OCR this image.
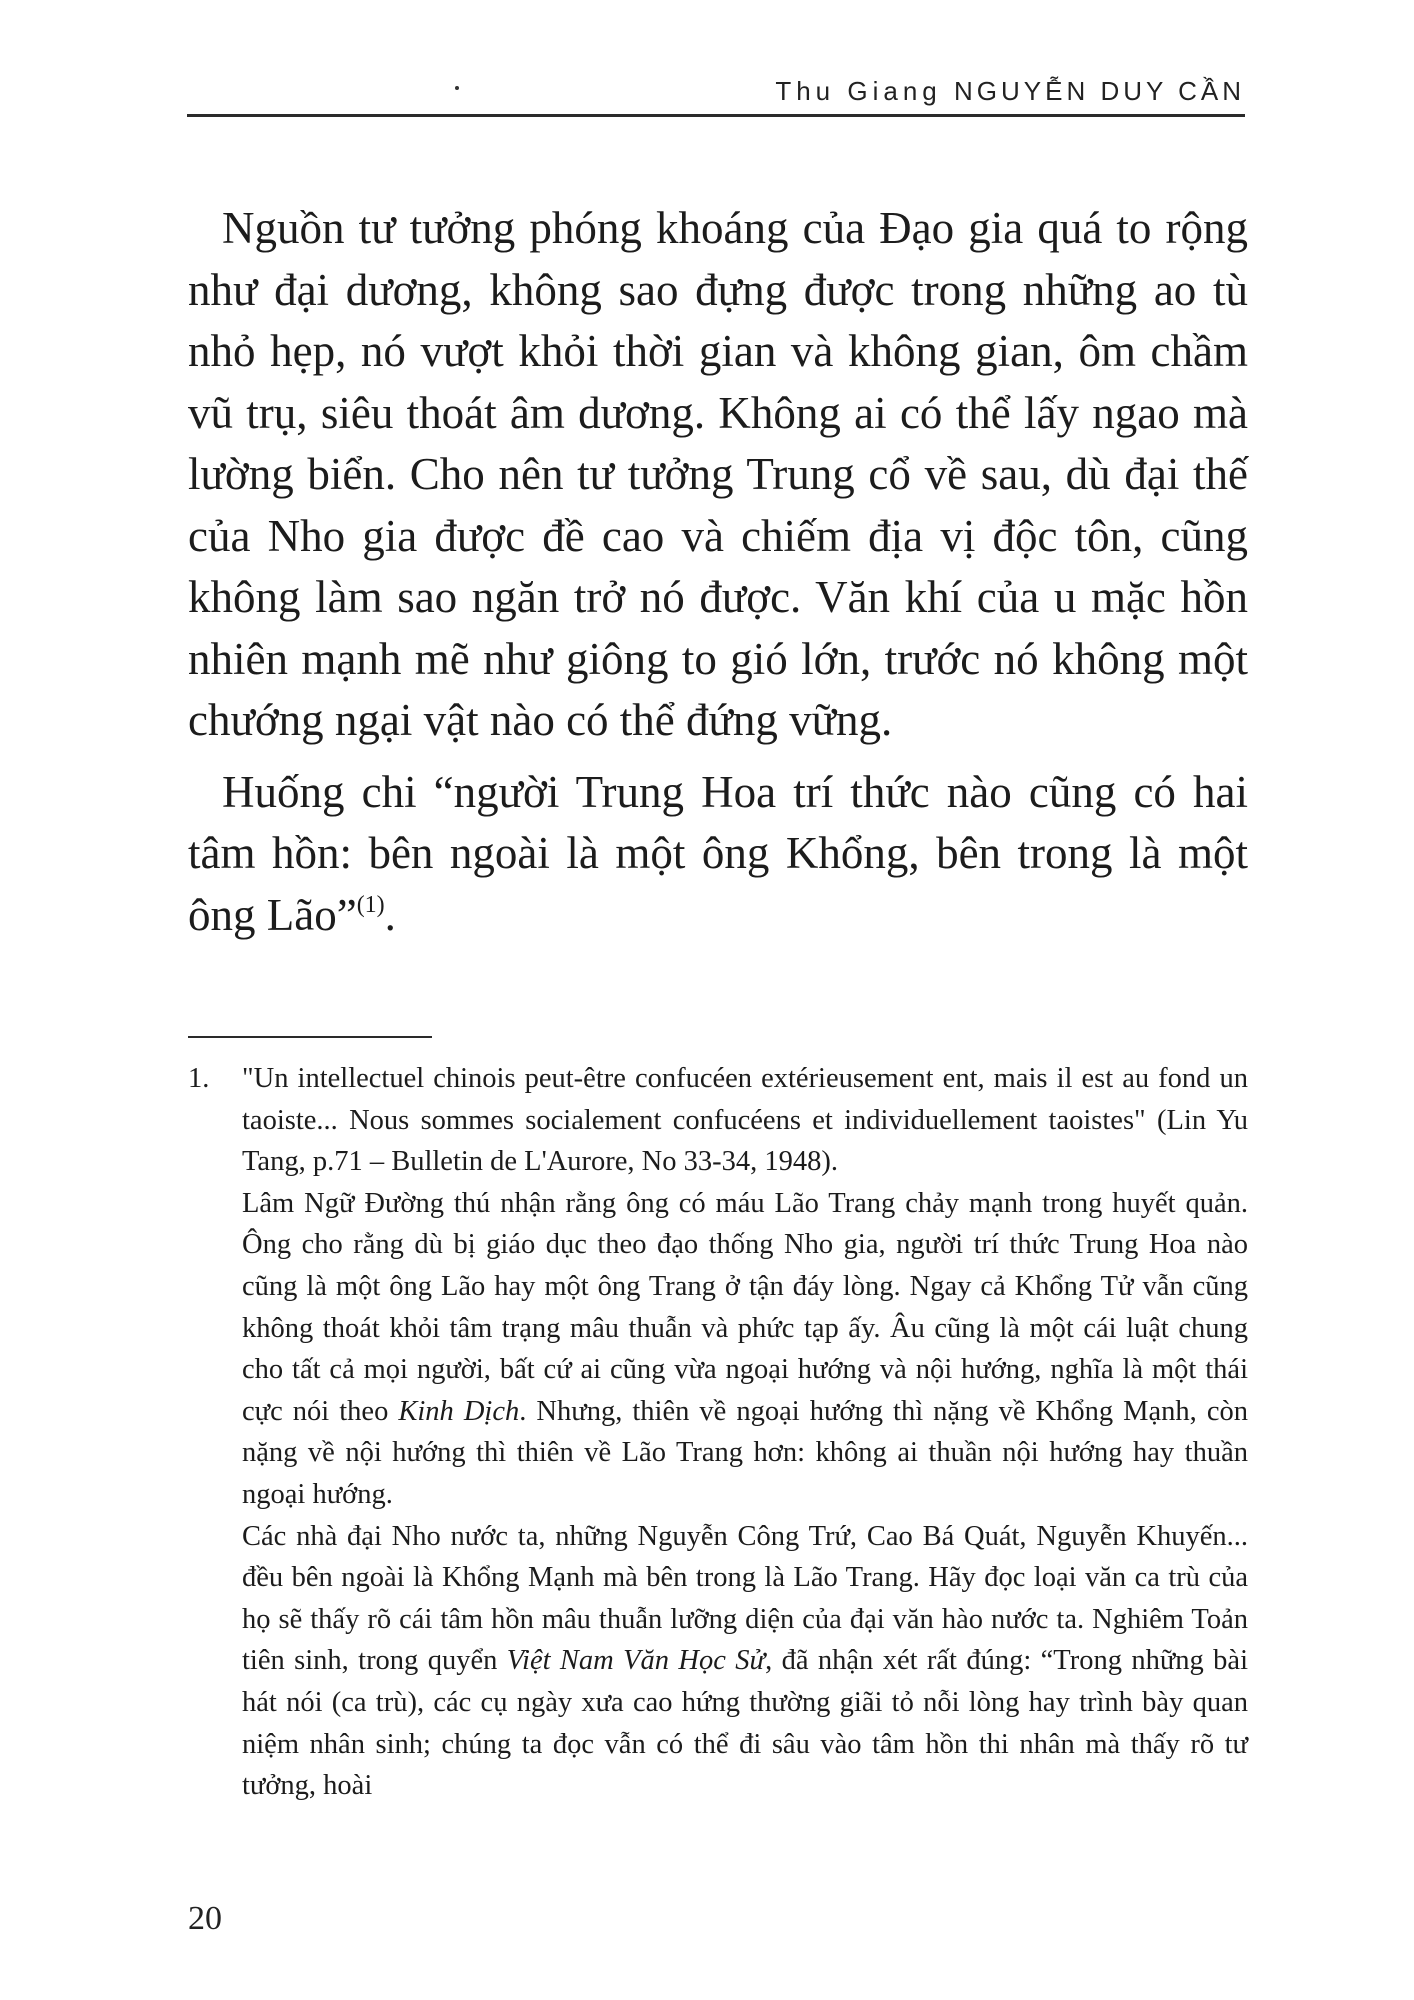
Thu Giang NGUYỄN DUY CẦN

Nguồn tư tưởng phóng khoáng của Đạo gia quá to rộng như đại dương, không sao đựng được trong những ao tù nhỏ hẹp, nó vượt khỏi thời gian và không gian, ôm chầm vũ trụ, siêu thoát âm dương. Không ai có thể lấy ngao mà lường biển. Cho nên tư tưởng Trung cổ về sau, dù đại thế của Nho gia được đề cao và chiếm địa vị độc tôn, cũng không làm sao ngăn trở nó được. Văn khí của u mặc hồn nhiên mạnh mẽ như giông to gió lớn, trước nó không một chướng ngại vật nào có thể đứng vững.

Huống chi “người Trung Hoa trí thức nào cũng có hai tâm hồn: bên ngoài là một ông Khổng, bên trong là một ông Lão”$^{(1)}$.

1. "Un intellectuel chinois peut-être confucéen extérieusement ent, mais il est au fond un taoiste... Nous sommes socialement confucéens et individuellement taoistes" (Lin Yu Tang, p.71 – Bulletin de L'Aurore, No 33-34, 1948).

Lâm Ngữ Đường thú nhận rằng ông có máu Lão Trang chảy mạnh trong huyết quản. Ông cho rằng dù bị giáo dục theo đạo thống Nho gia, người trí thức Trung Hoa nào cũng là một ông Lão hay một ông Trang ở tận đáy lòng. Ngay cả Khổng Tử vẫn cũng không thoát khỏi tâm trạng mâu thuẫn và phức tạp ấy. Âu cũng là một cái luật chung cho tất cả mọi người, bất cứ ai cũng vừa ngoại hướng và nội hướng, nghĩa là một thái cực nói theo Kinh Dịch. Nhưng, thiên về ngoại hướng thì nặng về Khổng Mạnh, còn nặng về nội hướng thì thiên về Lão Trang hơn: không ai thuần nội hướng hay thuần ngoại hướng.

Các nhà đại Nho nước ta, những Nguyễn Công Trứ, Cao Bá Quát, Nguyễn Khuyến... đều bên ngoài là Khổng Mạnh mà bên trong là Lão Trang. Hãy đọc loại văn ca trù của họ sẽ thấy rõ cái tâm hồn mâu thuẫn lưỡng diện của đại văn hào nước ta. Nghiêm Toản tiên sinh, trong quyển Việt Nam Văn Học Sử, đã nhận xét rất đúng: “Trong những bài hát nói (ca trù), các cụ ngày xưa cao hứng thường giãi tỏ nỗi lòng hay trình bày quan niệm nhân sinh; chúng ta đọc vẫn có thể đi sâu vào tâm hồn thi nhân mà thấy rõ tư tưởng, hoài

20
